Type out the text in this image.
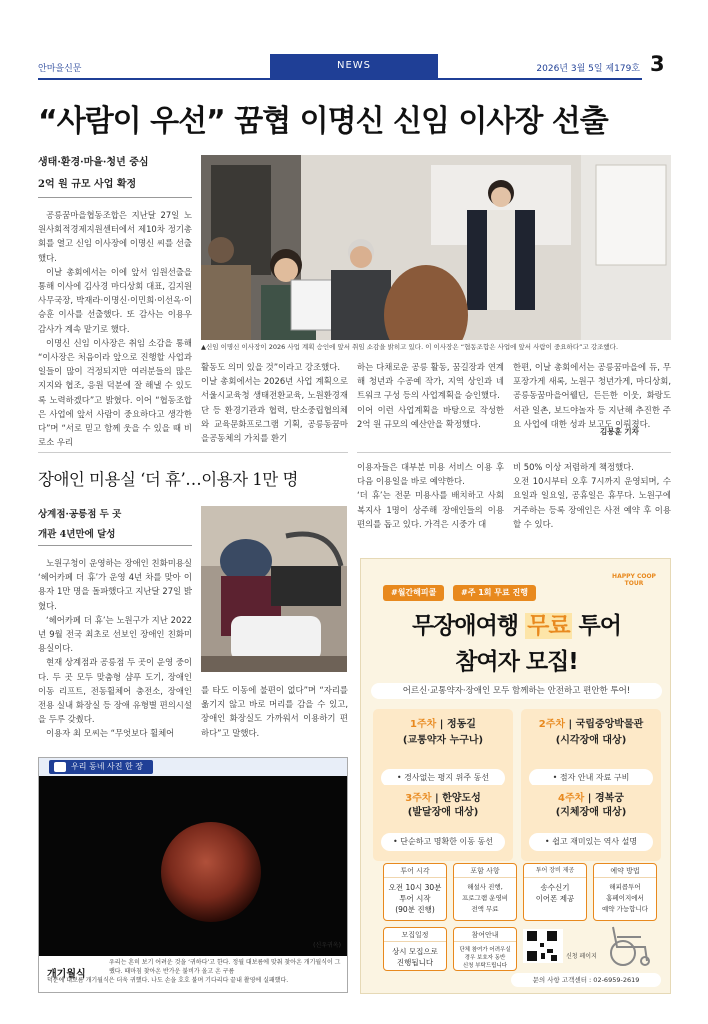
안마을신문	NEWS	2026년 3월 5일 제179호 3
“사람이 우선” 꿈협 이명신 신임 이사장 선출
생태·환경·마을·청년 중심
2억 원 규모 사업 확정

공릉꿈마을협동조합은 지난달 27일 노원사회적경제지원센터에서 제10차 정기총회를 열고 신임 이사장에 이명신 씨를 선출했다.

이날 총회에서는 이에 앞서 임원선출을 통해 이사에 김사경 마디상회 대표, 김지원 사무국장, 박재라·이명신·이민희·이선옥·이승훈 이사를 선출했다. 또 감사는 이용우 감사가 계속 맡기로 했다.

이명신 신임 이사장은 취임 소감을 통해 “이사장은 처음이라 앞으로 진행할 사업과 일들이 많이 걱정되지만 여러분들의 많은 지지와 협조, 응원 덕분에 잘 해낼 수 있도록 노력하겠다”고 밝혔다. 이어 “협동조합은 사업에 앞서 사람이 중요하다고 생각한다”며 “서로 믿고 함께 웃을 수 있을 때 비로소 우리

▲신임 이명신 이사장이 2026 사업 계획 승인에 앞서 취임 소감을 밝히고 있다. 이 이사장은 “협동조합은 사업에 앞서 사람이 중요하다”고 강조했다.
활동도 의미 있을 것”이라고 강조했다.
이날 총회에서는 2026년 사업 계획으로 서울시교육청 생태전환교육, 노원환경재단 등 환경기관과 협력, 탄소중립협의체와 교육문화프로그램 기획, 공릉동꿈마을공동체의 가치를 환기
하는 다채로운 공릉 활동, 꿈길장과 연계해 청년과 수공예 작가, 지역 상인과 네트워크 구성 등의 사업계획을 승인했다.
이어 이런 사업계획을 바탕으로 작성한 2억 원 규모의 예산안을 확정했다.
한편, 이날 총회에서는 공릉꿈마을에 듀, 무포장가게 새록, 노원구 청년가게, 마디상회, 공릉동꿈마을어웰딘, 든든한 이웃, 화랑도서관 일촌, 보드야놀자 등 지난해 추진한 주요 사업에 대한 성과 보고도 이뤄졌다.
김봉훈 기자
장애인 미용실 ‘더 휴’…이용자 1만 명
상계점·공릉점 두 곳
개관 4년만에 달성

노원구청이 운영하는 장애인 친화미용실 ‘헤어카페 더 휴’가 운영 4년 차를 맞아 이용자 1만 명을 돌파했다고 지난달 27일 밝혔다.

‘헤어카페 더 휴’는 노원구가 지난 2022년 9월 전국 최초로 선보인 장애인 친화미용실이다.

현재 상계점과 공릉점 두 곳이 운영 중이다. 두 곳 모두 맞춤형 샴푸 도기, 장애인 이동 리프트, 전동휠체어 충전소, 장애인 전용 실내 화장실 등 장애 유형별 편의시설을 두루 갖췄다.

이용자 최 모씨는 “무엇보다 휠체어

를 타도 이동에 불편이 없다”며 “자리를 옮기지 않고 바로 머리를 감을 수 있고, 장애인 화장실도 가까워서 이용하기 편하다”고 말했다.
이용자들은 대부분 미용 서비스 이용 후 다음 이용일을 바로 예약한다.
‘더 휴’는 전문 미용사를 배치하고 사회복지사 1명이 상주해 장애인들의 이용 편의를 돕고 있다. 가격은 시중가 대
비 50% 이상 저렴하게 책정했다.
오전 10시부터 오후 7시까지 운영되며, 수요일과 일요일, 공휴일은 휴무다. 노원구에 거주하는 등록 장애인은 사전 예약 후 이용할 수 있다.
우리 동네 사진 한 장
(신우귀옥)
개기월식
우리는 흔히 보기 어려운 것을 ‘귀하다’고 한다. 정월 대보름에 맞춰 찾아온 개기월식이 그랬다. 때마침 찾아온 반가운 불비가 올고 온 구름
덕분에 대보름 개기월식은 더욱 귀했다. 나도 손을 호호 불며 기다리다 끝내 촬영에 실패했다.
#월간해피콜	#주 1회 무료 진행
HAPPY COOP TOUR
무장애여행 무료 투어
참여자 모집!
어르신·교통약자·장애인 모두 함께하는 안전하고 편안한 투어!
1주차 | 정동길
(교통약자 누구나)
• 경사없는 평지 위주 동선
2주차 | 국립중앙박물관
(시각장애 대상)
• 점자 안내 자료 구비
3주차 | 한양도성
(발달장애 대상)
• 단순하고 명확한 이동 동선
4주차 | 경복궁
(지체장애 대상)
• 쉽고 재미있는 역사 설명
투어 시각
오전 10시 30분
투어 시작
(90분 진행)
포함 사항
해설사 진행,
프로그램 운영비
전액 무료
투어 장비 제공
송수신기
이어폰 제공
예약 방법
해피콥투어
홈페이지에서
예약 가능합니다
모집일정
상시 모집으로
진행됩니다
참여안내
단체 참여가 어려우실
경우 보호자 동반
신청 부탁드립니다
신청 페이지
문의 사항 고객센터 : 02-6959-2619
